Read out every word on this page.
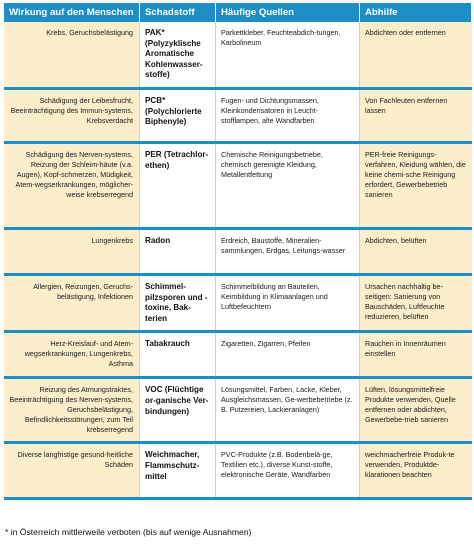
Wirkung auf den Menschen	Schadstoff	Häufige Quellen	Abhilfe
Krebs, Geruchsbelästigung	PAK* (Polyzyklische Aromatische Kohlenwasser-stoffe)	Parkettkleber, Feuchteabdich-tungen, Karbolineum	Abdichten oder entfernen
Schädigung der Leibesfrucht, Beeinträchtigung des Immun-systems, Krebsverdacht	PCB* (Polychlorierte Biphenyle)	Fugen- und Dichtungsmassen, Kleinkondensatoren in Leucht-stofflampen, alte Wandfarben	Von Fachleuten entfernen lassen
Schädigung des Nerven-systems, Reizung der Schleim-häute (v.a. Augen), Kopf-schmerzen, Müdigkeit, Atem-wegserkrankungen, möglicher-weise krebserregend	PER (Tetrachlor-ethen)	Chemische Reinigungsbetriebe, chemisch gereinigte Kleidung, Metallentfettung	PER-freie Reinigungs-verfahren, Kleidung wählen, die keine chemi-sche Reinigung erfordert, Gewerbebetrieb sanieren
Lungenkrebs	Radon	Erdreich, Baustoffe, Mineralien-sammlungen, Erdgas, Leitungs-wasser	Abdichten, belüften
Allergien, Reizungen, Geruchs-belästigung, Infektionen	Schimmel-pilzsporen und -toxine, Bak-terien	Schimmelbildung an Bauteilen, Keimbildung in Klimaanlagen und Luftbefeuchtern	Ursachen nachhaltig be-seitigen: Sanierung von Bauschäden, Luftfeuchte reduzieren, belüften
Herz-Kreislauf- und Atem-wegserkrankungen, Lungenkrebs, Asthma	Tabakrauch	Zigaretten, Zigarren, Pfeifen	Rauchen in Innenräumen einstellen
Reizung des Atmungstraktes, Beeinträchtigung des Nerven-systems, Geruchsbelästigung, Befindlichkeitsstörungen, zum Teil krebserregend	VOC (Flüchtige or-ganische Ver-bindungen)	Lösungsmittel, Farben, Lacke, Kleber, Ausgleichsmassen, Ge-werbebetriebe (z. B. Putzereien, Lackieranlagen)	Lüften, lösungsmittelfreie Produkte verwenden, Quelle entfernen oder abdichten, Gewerbebe-trieb sanieren
Diverse langfristige gesund-heitliche Schäden	Weichmacher, Flammschutz-mittel	PVC-Produkte (z.B. Bodenbelä-ge, Textilien etc.), diverse Kunst-stoffe, elektronische Geräte, Wandfarben	weichmacherfreie Produk-te verwenden, Produktde-klarationen beachten
* in Österreich mittlerweile verboten (bis auf wenige Ausnahmen)
